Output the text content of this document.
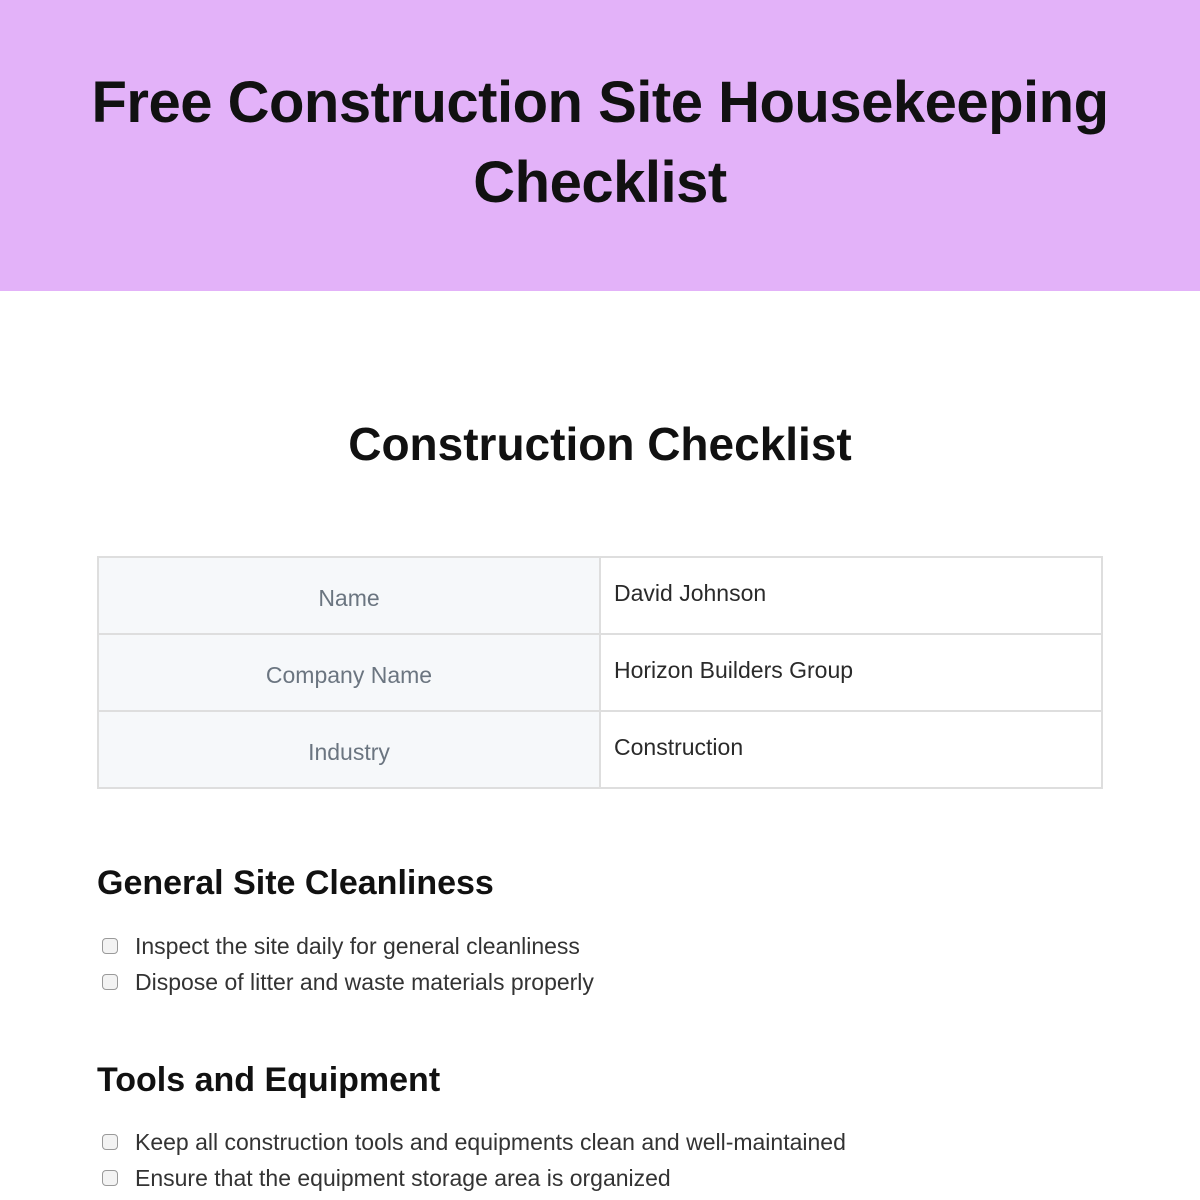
Free Construction Site Housekeeping Checklist
Construction Checklist
Name	David Johnson
Company Name	Horizon Builders Group
Industry	Construction
General Site Cleanliness
Inspect the site daily for general cleanliness
Dispose of litter and waste materials properly
Tools and Equipment
Keep all construction tools and equipments clean and well-maintained
Ensure that the equipment storage area is organized
